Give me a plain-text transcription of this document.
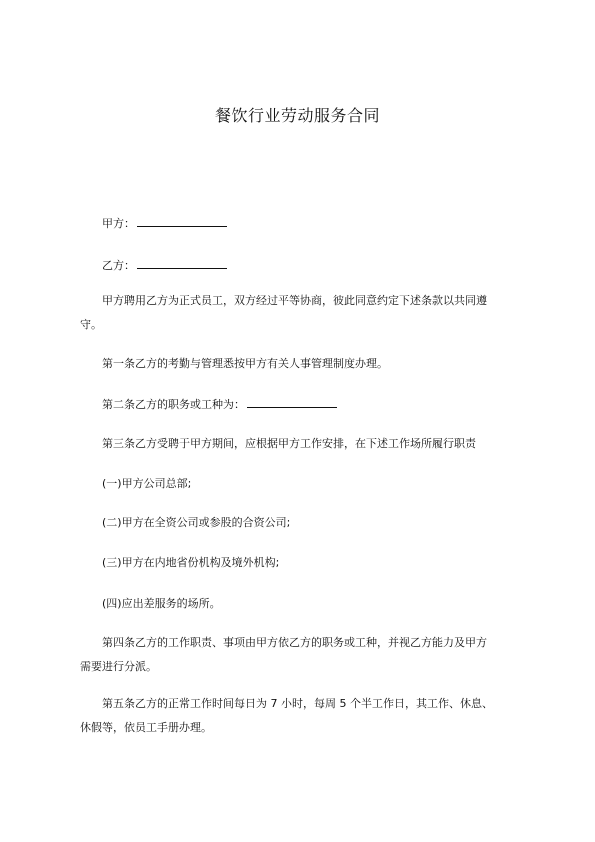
餐饮行业劳动服务合同
甲方：
乙方：
甲方聘用乙方为正式员工，双方经过平等协商，彼此同意约定下述条款以共同遵
守。
第一条乙方的考勤与管理悉按甲方有关人事管理制度办理。
第二条乙方的职务或工种为：
第三条乙方受聘于甲方期间，应根据甲方工作安排，在下述工作场所履行职责
(一)甲方公司总部;
(二)甲方在全资公司或参股的合资公司;
(三)甲方在内地省份机构及境外机构;
(四)应出差服务的场所。
第四条乙方的工作职责、事项由甲方依乙方的职务或工种，并视乙方能力及甲方
需要进行分派。
第五条乙方的正常工作时间每日为 7 小时，每周 5 个半工作日，其工作、休息、
休假等，依员工手册办理。
